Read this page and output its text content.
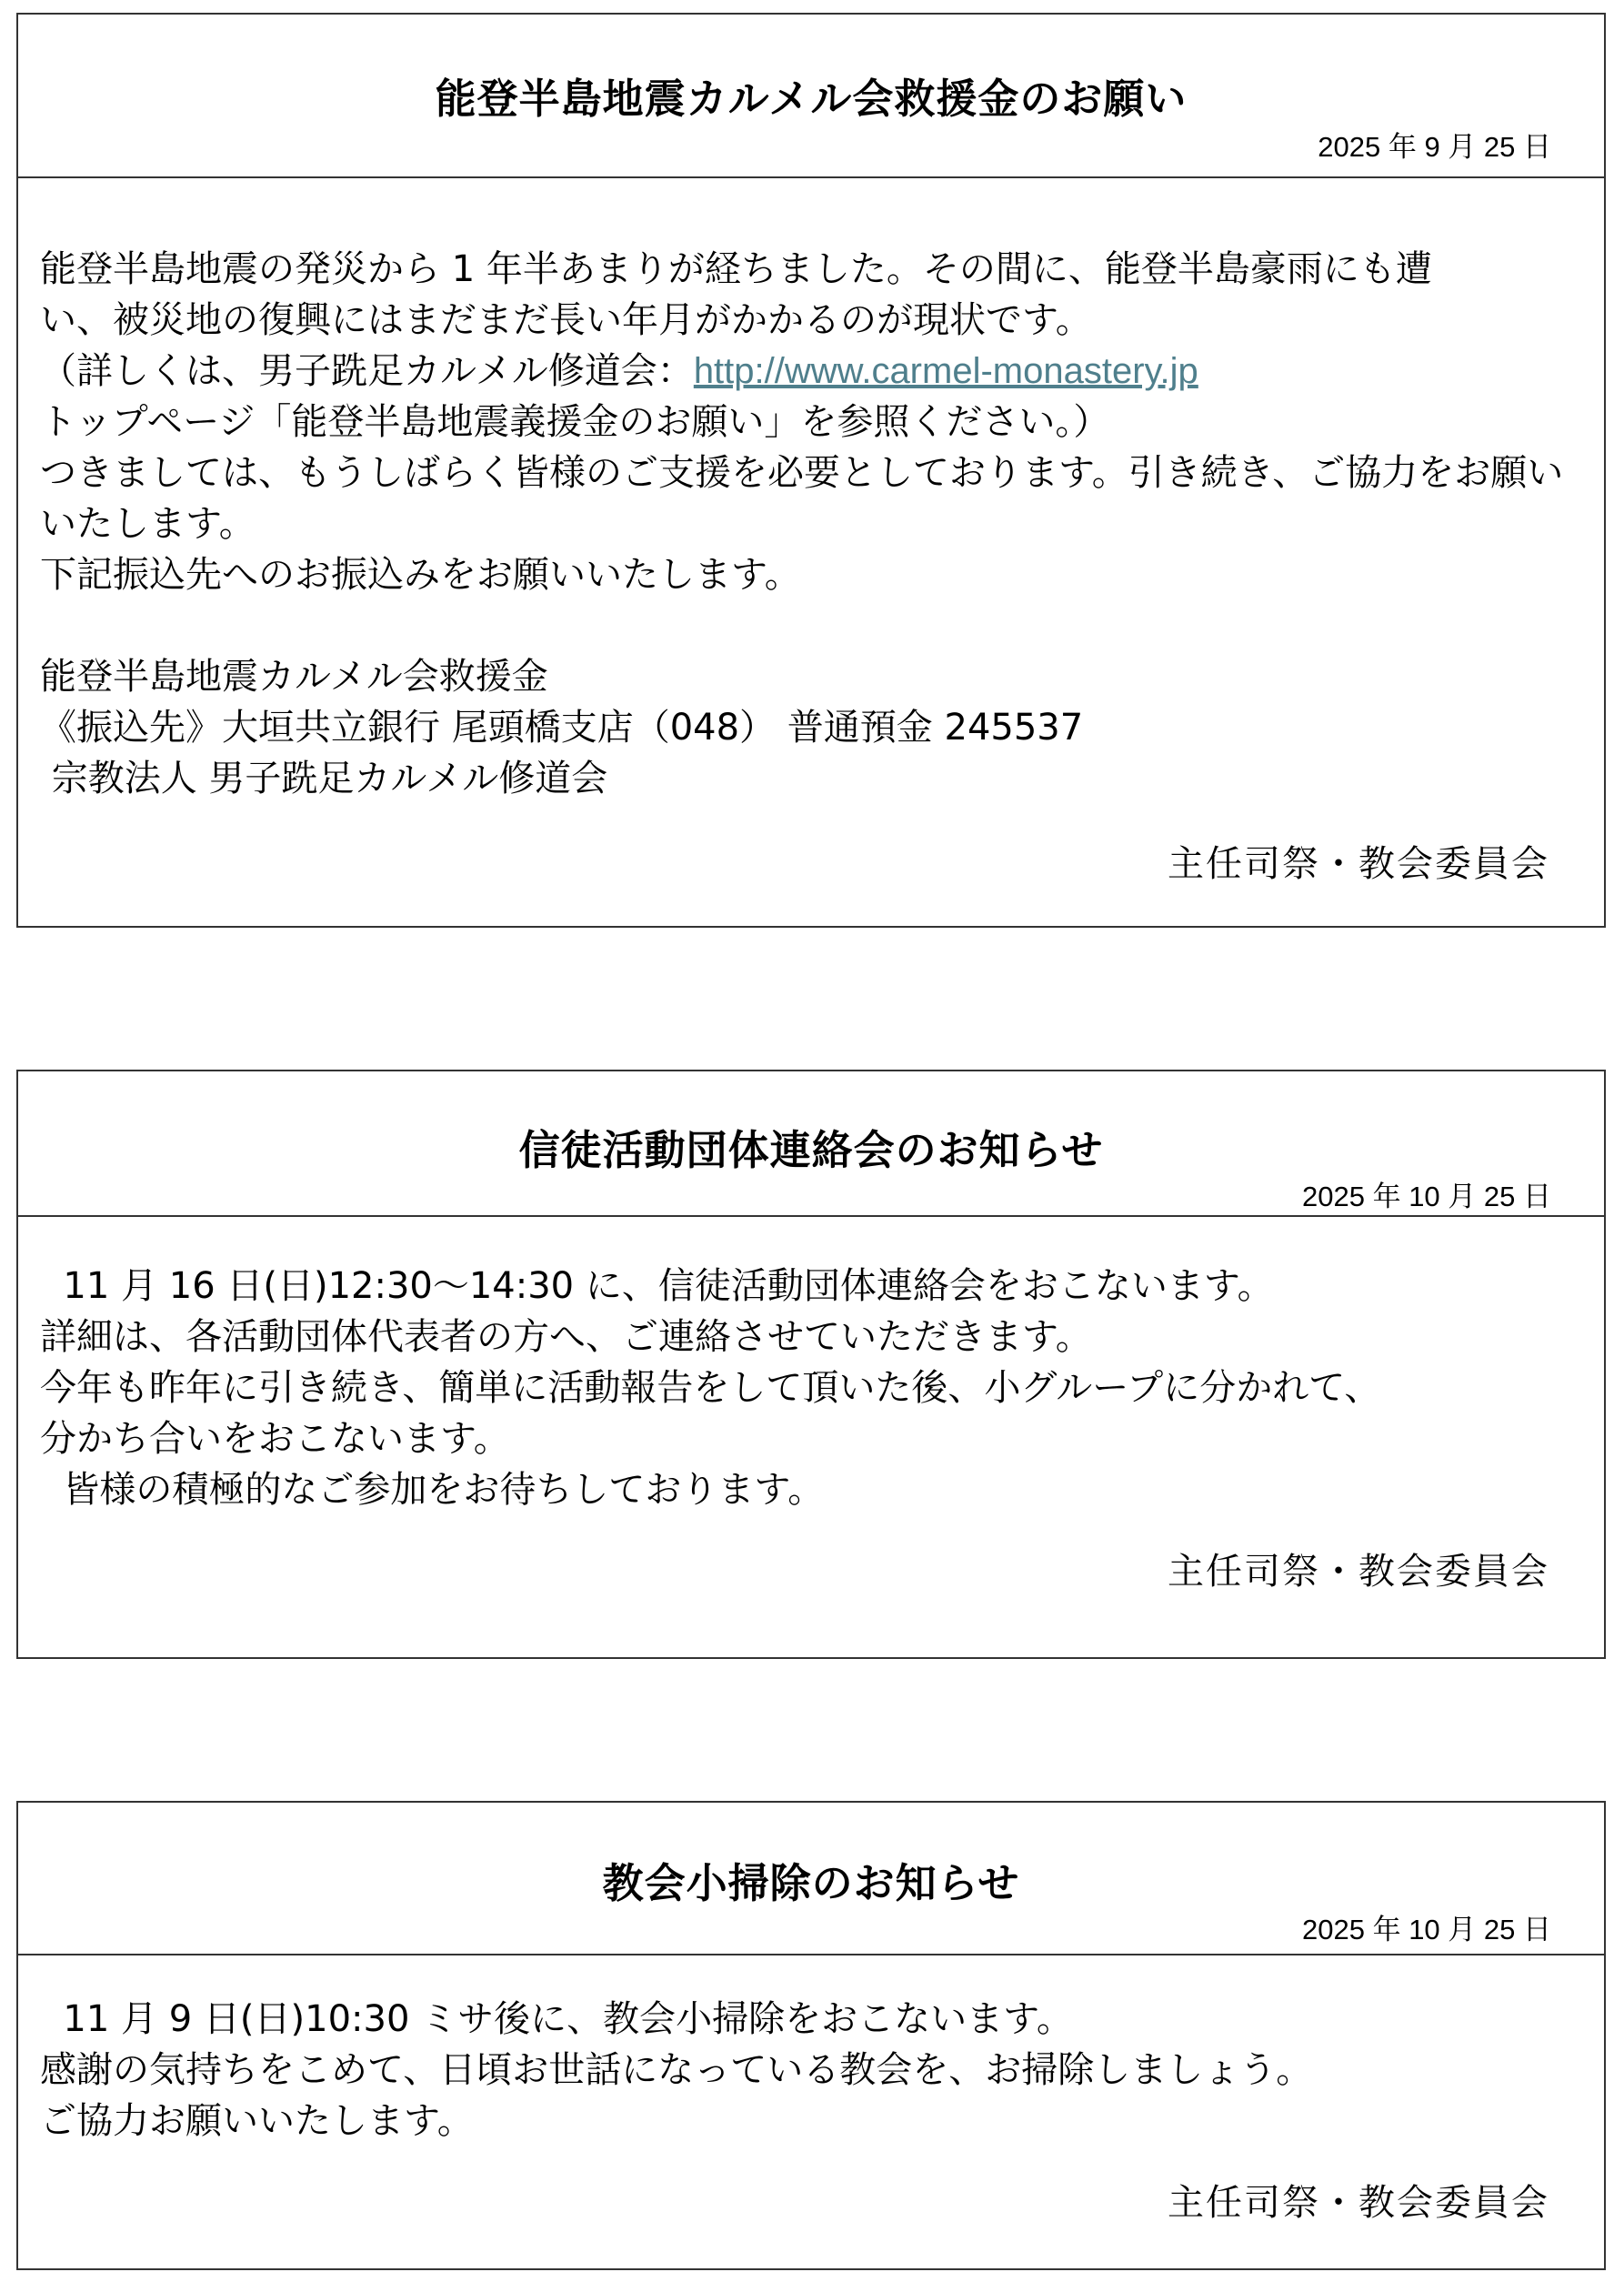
能登半島地震カルメル会救援金のお願い
2025 年 9 月 25 日
能登半島地震の発災から 1 年半あまりが経ちました。その間に、能登半島豪雨にも遭
い、被災地の復興にはまだまだ長い年月がかかるのが現状です。
（詳しくは、男子跣足カルメル修道会：http://www.carmel-monastery.jp
トップページ「能登半島地震義援金のお願い」を参照ください。）
つきましては、もうしばらく皆様のご支援を必要としております。引き続き、ご協力をお願い
いたします。
下記振込先へのお振込みをお願いいたします。
能登半島地震カルメル会救援金
《振込先》大垣共立銀行 尾頭橋支店（048） 普通預金 245537
宗教法人 男子跣足カルメル修道会
主任司祭・教会委員会
信徒活動団体連絡会のお知らせ
2025 年 10 月 25 日
11 月 16 日(日)12:30～14:30 に、信徒活動団体連絡会をおこないます。
詳細は、各活動団体代表者の方へ、ご連絡させていただきます。
今年も昨年に引き続き、簡単に活動報告をして頂いた後、小グループに分かれて、
分かち合いをおこないます。
皆様の積極的なご参加をお待ちしております。
主任司祭・教会委員会
教会小掃除のお知らせ
2025 年 10 月 25 日
11 月 9 日(日)10:30 ミサ後に、教会小掃除をおこないます。
感謝の気持ちをこめて、日頃お世話になっている教会を、お掃除しましょう。
ご協力お願いいたします。
主任司祭・教会委員会
